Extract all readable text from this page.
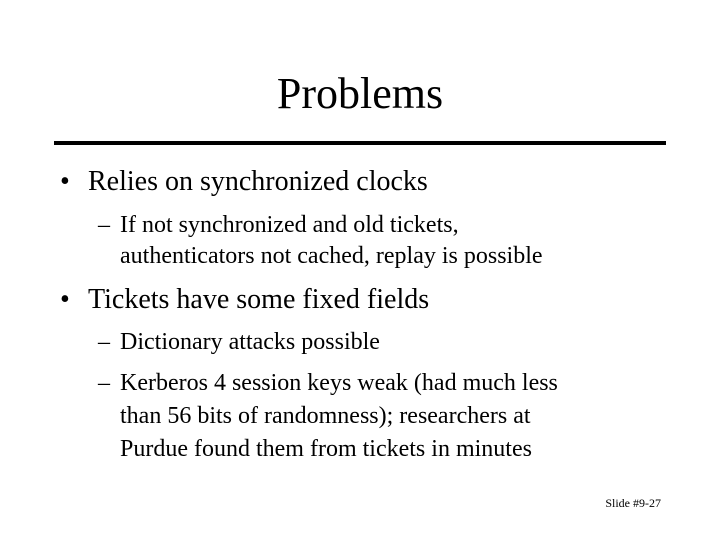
Problems
• Relies on synchronized clocks
– If not synchronized and old tickets,
authenticators not cached, replay is possible
• Tickets have some fixed fields
– Dictionary attacks possible
– Kerberos 4 session keys weak (had much less
than 56 bits of randomness); researchers at
Purdue found them from tickets in minutes
Slide #9-27
